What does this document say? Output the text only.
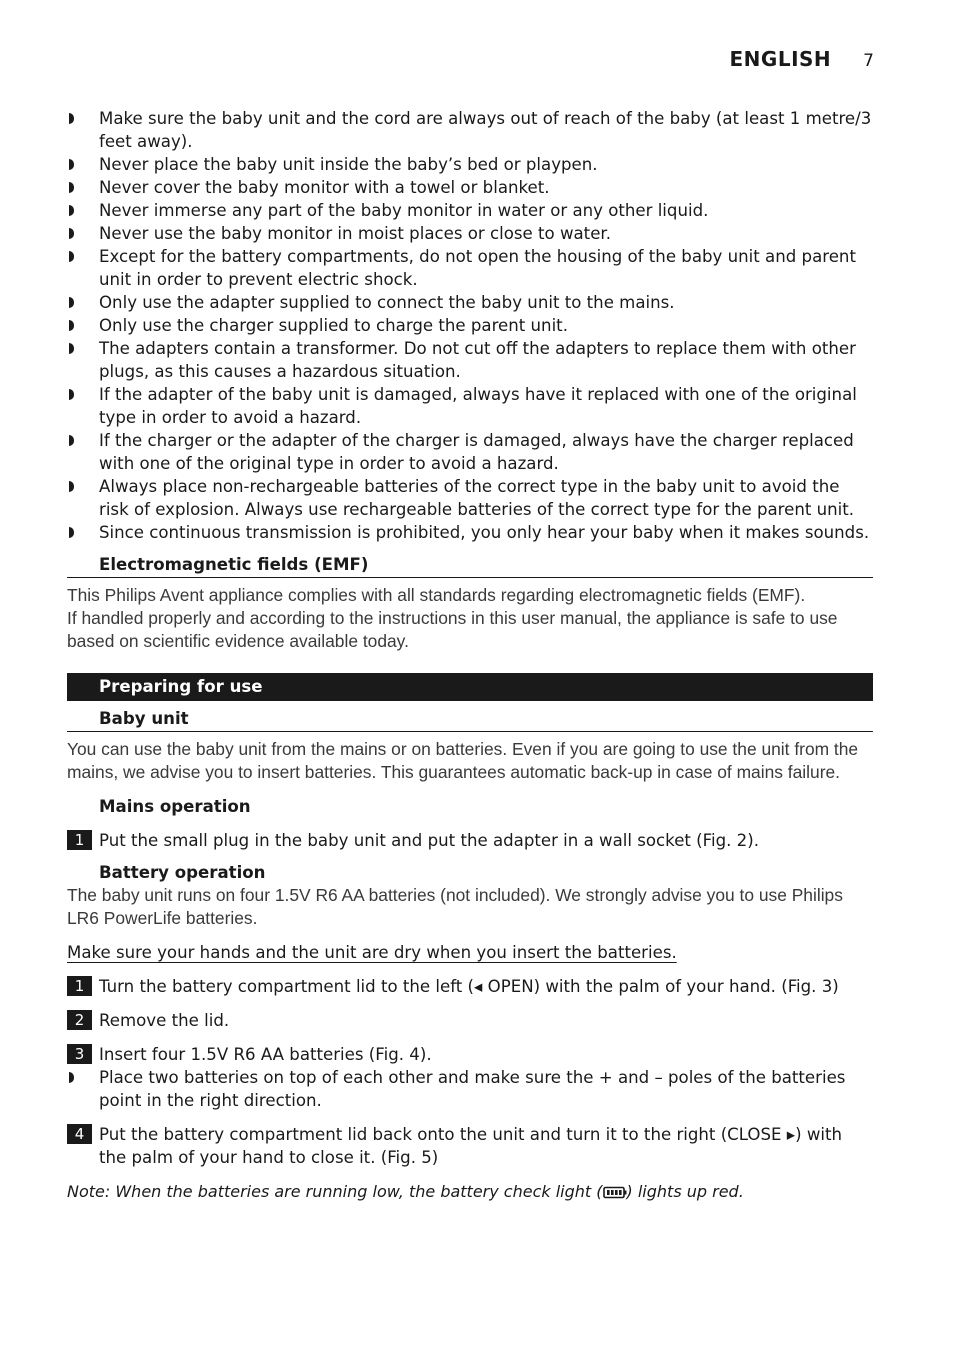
ENGLISH 7

Make sure the baby unit and the cord are always out of reach of the baby (at least 1 metre/3 feet away).

Never place the baby unit inside the baby’s bed or playpen.

Never cover the baby monitor with a towel or blanket.

Never immerse any part of the baby monitor in water or any other liquid.

Never use the baby monitor in moist places or close to water.

Except for the battery compartments, do not open the housing of the baby unit and parent unit in order to prevent electric shock.

Only use the adapter supplied to connect the baby unit to the mains.

Only use the charger supplied to charge the parent unit.

The adapters contain a transformer. Do not cut off the adapters to replace them with other plugs, as this causes a hazardous situation.

If the adapter of the baby unit is damaged, always have it replaced with one of the original type in order to avoid a hazard.

If the charger or the adapter of the charger is damaged, always have the charger replaced with one of the original type in order to avoid a hazard.

Always place non-rechargeable batteries of the correct type in the baby unit to avoid the risk of explosion. Always use rechargeable batteries of the correct type for the parent unit.

Since continuous transmission is prohibited, you only hear your baby when it makes sounds.

Electromagnetic fields (EMF)
This Philips Avent appliance complies with all standards regarding electromagnetic fields (EMF).
If handled properly and according to the instructions in this user manual, the appliance is safe to use based on scientific evidence available today.
Preparing for use
Baby unit
You can use the baby unit from the mains or on batteries. Even if you are going to use the unit from the mains, we advise you to insert batteries. This guarantees automatic back-up in case of mains failure.
Mains operation
1 Put the small plug in the baby unit and put the adapter in a wall socket (Fig. 2).
Battery operation
The baby unit runs on four 1.5V R6 AA batteries (not included). We strongly advise you to use Philips LR6 PowerLife batteries.
Make sure your hands and the unit are dry when you insert the batteries.
1 Turn the battery compartment lid to the left (◂ OPEN) with the palm of your hand. (Fig. 3)
2 Remove the lid.
3 Insert four 1.5V R6 AA batteries (Fig. 4).

Place two batteries on top of each other and make sure the + and – poles of the batteries point in the right direction.

4 Put the battery compartment lid back onto the unit and turn it to the right (CLOSE ▸) with the palm of your hand to close it. (Fig. 5)
Note: When the batteries are running low, the battery check light ( ) lights up red.
